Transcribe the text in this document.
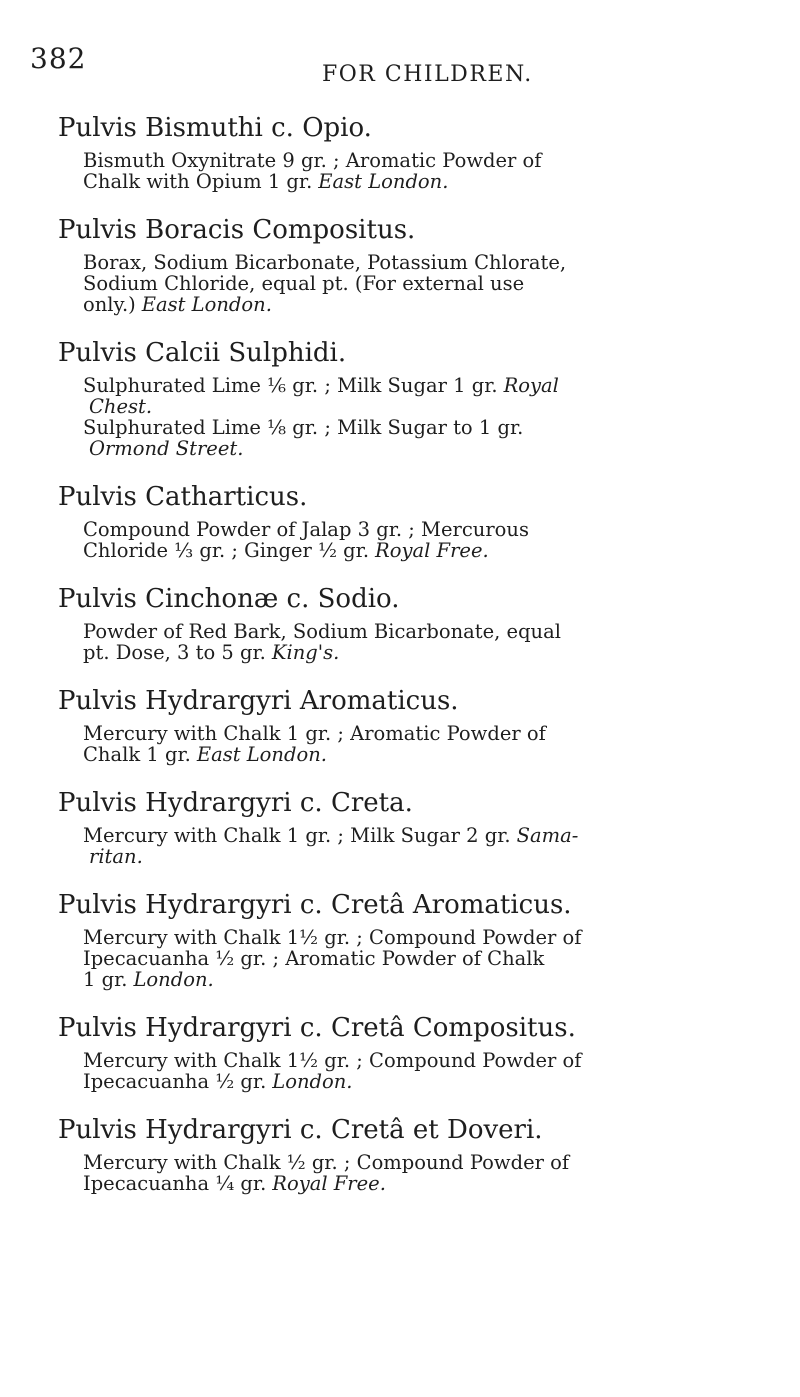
382	FOR CHILDREN.
Pulvis Bismuthi c. Opio.
Bismuth Oxynitrate 9 gr. ; Aromatic Powder of
Chalk with Opium 1 gr. East London.
Pulvis Boracis Compositus.
Borax, Sodium Bicarbonate, Potassium Chlorate,
Sodium Chloride, equal pt. (For external use
only.) East London.
Pulvis Calcii Sulphidi.
Sulphurated Lime ⅙ gr. ; Milk Sugar 1 gr. Royal
Chest.
Sulphurated Lime ⅛ gr. ; Milk Sugar to 1 gr.
Ormond Street.
Pulvis Catharticus.
Compound Powder of Jalap 3 gr. ; Mercurous
Chloride ⅓ gr. ; Ginger ½ gr. Royal Free.
Pulvis Cinchonæ c. Sodio.
Powder of Red Bark, Sodium Bicarbonate, equal
pt. Dose, 3 to 5 gr. King's.
Pulvis Hydrargyri Aromaticus.
Mercury with Chalk 1 gr. ; Aromatic Powder of
Chalk 1 gr. East London.
Pulvis Hydrargyri c. Creta.
Mercury with Chalk 1 gr. ; Milk Sugar 2 gr. Sama-
ritan.
Pulvis Hydrargyri c. Cretâ Aromaticus.
Mercury with Chalk 1½ gr. ; Compound Powder of
Ipecacuanha ½ gr. ; Aromatic Powder of Chalk
1 gr. London.
Pulvis Hydrargyri c. Cretâ Compositus.
Mercury with Chalk 1½ gr. ; Compound Powder of
Ipecacuanha ½ gr. London.
Pulvis Hydrargyri c. Cretâ et Doveri.
Mercury with Chalk ½ gr. ; Compound Powder of
Ipecacuanha ¼ gr. Royal Free.
